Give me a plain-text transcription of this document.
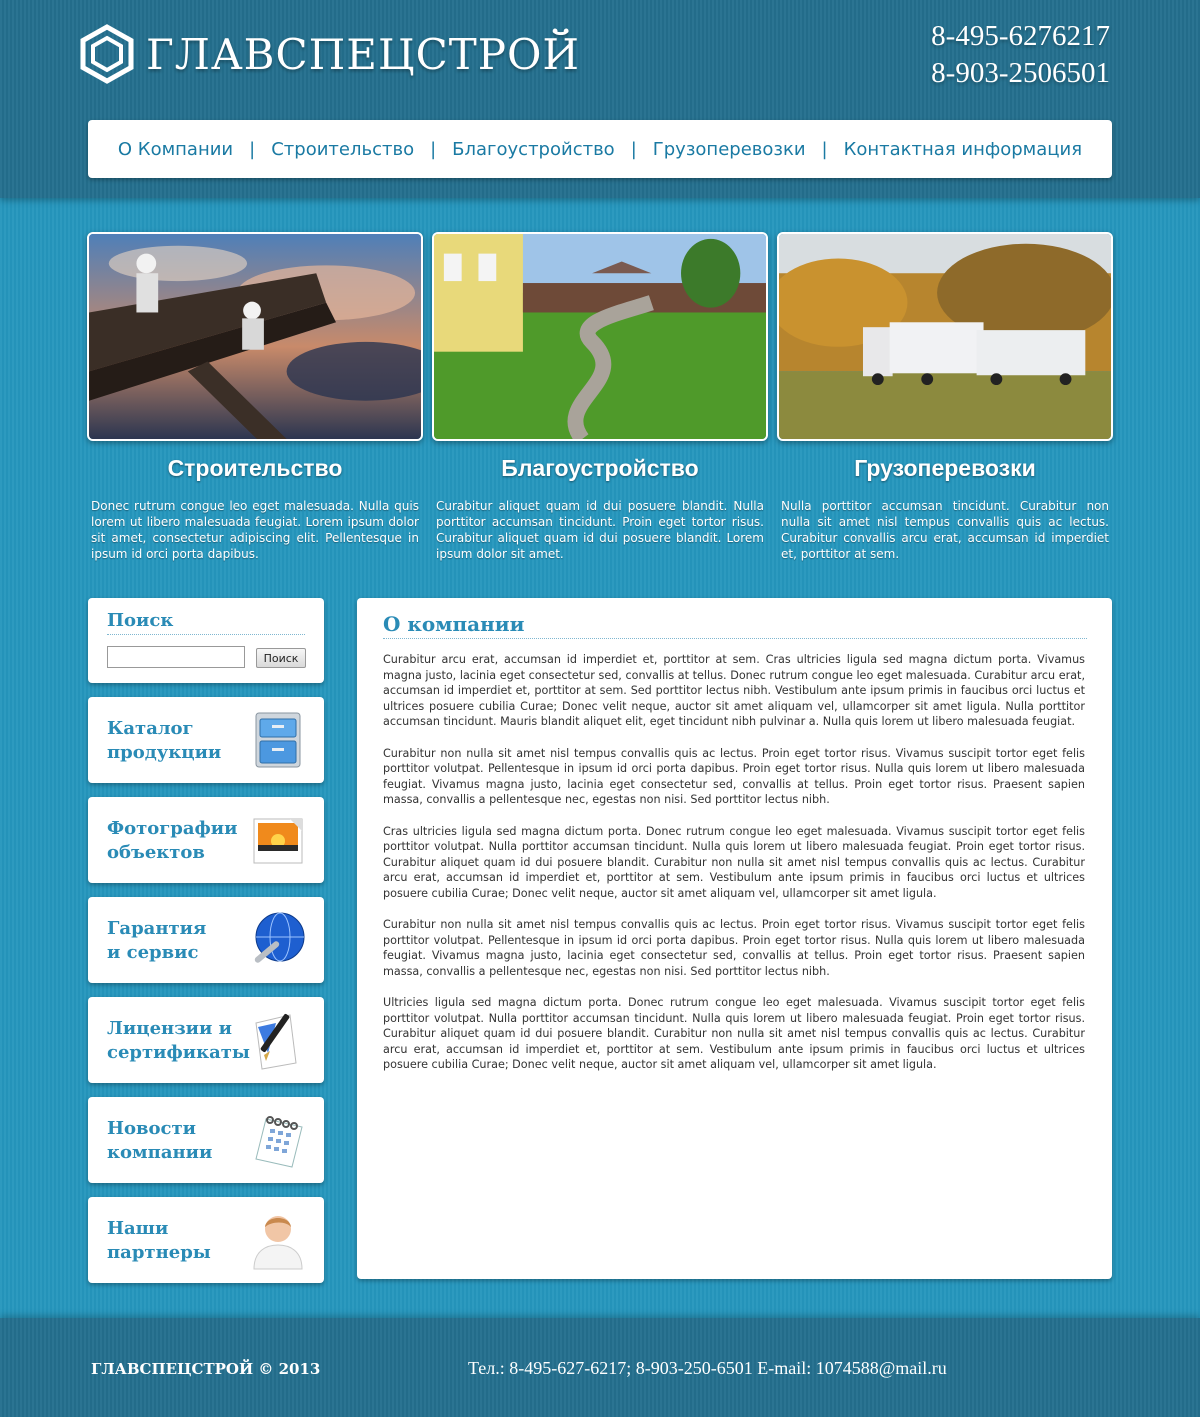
ГЛАВСПЕЦСТРОЙ	8-495-6276217
8-903-2506501
О Компании | Строительство | Благоустройство | Грузоперевозки | Контактная информация
Строительство

Donec rutrum congue leo eget malesuada. Nulla quis lorem ut libero malesuada feugiat. Lorem ipsum dolor sit amet, consectetur adipiscing elit. Pellentesque in ipsum id orci porta dapibus.

Благоустройство

Curabitur aliquet quam id dui posuere blandit. Nulla porttitor accumsan tincidunt. Proin eget tortor risus. Curabitur aliquet quam id dui posuere blandit. Lorem ipsum dolor sit amet.

Грузоперевозки

Nulla porttitor accumsan tincidunt. Curabitur non nulla sit amet nisl tempus convallis quis ac lectus. Curabitur convallis arcu erat, accumsan id imperdiet et, porttitor at sem.

Поиск
Поиск
Каталог
продукции
Фотографии
объектов
Гарантия
и сервис
Лицензии и
сертификаты
Новости
компании
Наши
партнеры
О компании

Curabitur arcu erat, accumsan id imperdiet et, porttitor at sem. Cras ultricies ligula sed magna dictum porta. Vivamus magna justo, lacinia eget consectetur sed, convallis at tellus. Donec rutrum congue leo eget malesuada. Curabitur arcu erat, accumsan id imperdiet et, porttitor at sem. Sed porttitor lectus nibh. Vestibulum ante ipsum primis in faucibus orci luctus et ultrices posuere cubilia Curae; Donec velit neque, auctor sit amet aliquam vel, ullamcorper sit amet ligula. Nulla porttitor accumsan tincidunt. Mauris blandit aliquet elit, eget tincidunt nibh pulvinar a. Nulla quis lorem ut libero malesuada feugiat.

Curabitur non nulla sit amet nisl tempus convallis quis ac lectus. Proin eget tortor risus. Vivamus suscipit tortor eget felis porttitor volutpat. Pellentesque in ipsum id orci porta dapibus. Proin eget tortor risus. Nulla quis lorem ut libero malesuada feugiat. Vivamus magna justo, lacinia eget consectetur sed, convallis at tellus. Proin eget tortor risus. Praesent sapien massa, convallis a pellentesque nec, egestas non nisi. Sed porttitor lectus nibh.

Cras ultricies ligula sed magna dictum porta. Donec rutrum congue leo eget malesuada. Vivamus suscipit tortor eget felis porttitor volutpat. Nulla porttitor accumsan tincidunt. Nulla quis lorem ut libero malesuada feugiat. Proin eget tortor risus. Curabitur aliquet quam id dui posuere blandit. Curabitur non nulla sit amet nisl tempus convallis quis ac lectus. Curabitur arcu erat, accumsan id imperdiet et, porttitor at sem. Vestibulum ante ipsum primis in faucibus orci luctus et ultrices posuere cubilia Curae; Donec velit neque, auctor sit amet aliquam vel, ullamcorper sit amet ligula.

Curabitur non nulla sit amet nisl tempus convallis quis ac lectus. Proin eget tortor risus. Vivamus suscipit tortor eget felis porttitor volutpat. Pellentesque in ipsum id orci porta dapibus. Proin eget tortor risus. Nulla quis lorem ut libero malesuada feugiat. Vivamus magna justo, lacinia eget consectetur sed, convallis at tellus. Proin eget tortor risus. Praesent sapien massa, convallis a pellentesque nec, egestas non nisi. Sed porttitor lectus nibh.

Ultricies ligula sed magna dictum porta. Donec rutrum congue leo eget malesuada. Vivamus suscipit tortor eget felis porttitor volutpat. Nulla porttitor accumsan tincidunt. Nulla quis lorem ut libero malesuada feugiat. Proin eget tortor risus. Curabitur aliquet quam id dui posuere blandit. Curabitur non nulla sit amet nisl tempus convallis quis ac lectus. Curabitur arcu erat, accumsan id imperdiet et, porttitor at sem. Vestibulum ante ipsum primis in faucibus orci luctus et ultrices posuere cubilia Curae; Donec velit neque, auctor sit amet aliquam vel, ullamcorper sit amet ligula.

ГЛАВСПЕЦСТРОЙ © 2013	Тел.: 8-495-627-6217; 8-903-250-6501 E-mail: 1074588@mail.ru
